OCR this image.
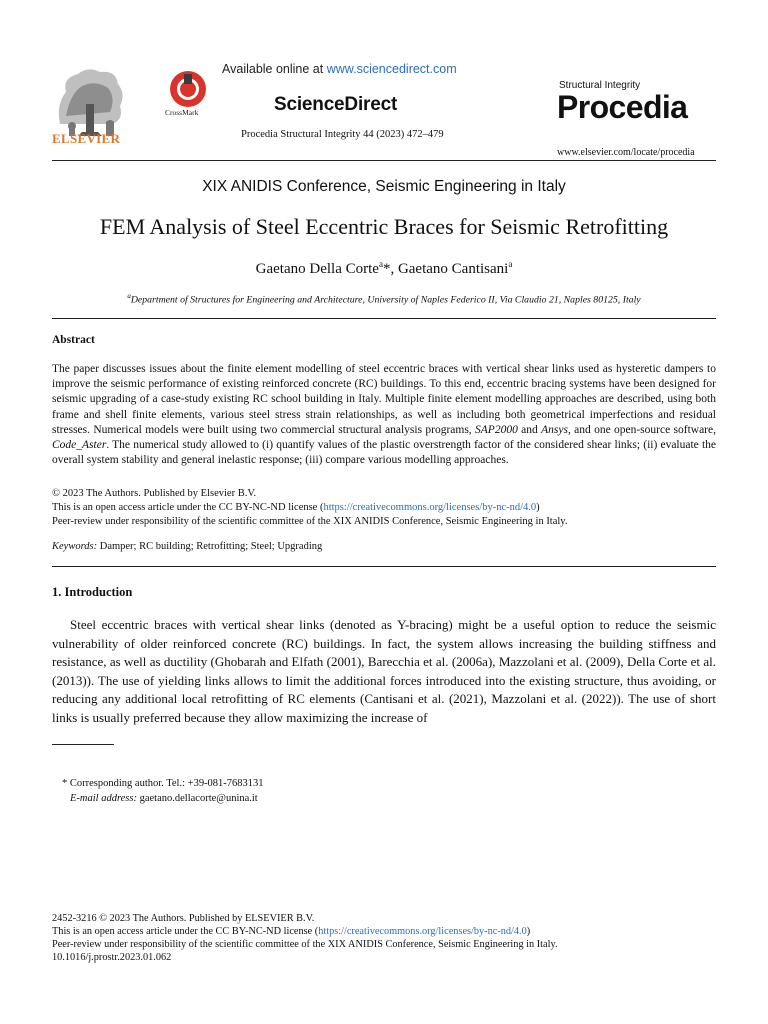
ELSEVIER
CrossMark
Available online at www.sciencedirect.com
ScienceDirect
Procedia Structural Integrity 44 (2023) 472–479
Structural Integrity
Procedia
www.elsevier.com/locate/procedia
XIX ANIDIS Conference, Seismic Engineering in Italy
FEM Analysis of Steel Eccentric Braces for Seismic Retrofitting
Gaetano Della Corte$^a$*, Gaetano Cantisani$^a$
$^a$Department of Structures for Engineering and Architecture, University of Naples Federico II, Via Claudio 21, Naples 80125, Italy
Abstract
The paper discusses issues about the finite element modelling of steel eccentric braces with vertical shear links used as hysteretic dampers to improve the seismic performance of existing reinforced concrete (RC) buildings. To this end, eccentric bracing systems have been designed for seismic upgrading of a case-study existing RC school building in Italy. Multiple finite element modelling approaches are described, using both frame and shell finite elements, various steel stress strain relationships, as well as including both geometrical imperfections and residual stresses. Numerical models were built using two commercial structural analysis programs, SAP2000 and Ansys, and one open-source software, Code_Aster. The numerical study allowed to (i) quantify values of the plastic overstrength factor of the considered shear links; (ii) evaluate the overall system stability and general inelastic response; (iii) compare various modelling approaches.
© 2023 The Authors. Published by Elsevier B.V.
This is an open access article under the CC BY-NC-ND license (https://creativecommons.org/licenses/by-nc-nd/4.0)
Peer-review under responsibility of the scientific committee of the XIX ANIDIS Conference, Seismic Engineering in Italy.
Keywords: Damper; RC building; Retrofitting; Steel; Upgrading
1. Introduction
Steel eccentric braces with vertical shear links (denoted as Y-bracing) might be a useful option to reduce the seismic vulnerability of older reinforced concrete (RC) buildings. In fact, the system allows increasing the building stiffness and resistance, as well as ductility (Ghobarah and Elfath (2001), Barecchia et al. (2006a), Mazzolani et al. (2009), Della Corte et al. (2013)). The use of yielding links allows to limit the additional forces introduced into the existing structure, thus avoiding, or reducing any additional local retrofitting of RC elements (Cantisani et al. (2021), Mazzolani et al. (2022)). The use of short links is usually preferred because they allow maximizing the increase of
* Corresponding author. Tel.: +39-081-7683131
E-mail address: gaetano.dellacorte@unina.it
2452-3216 © 2023 The Authors. Published by ELSEVIER B.V.
This is an open access article under the CC BY-NC-ND license (https://creativecommons.org/licenses/by-nc-nd/4.0)
Peer-review under responsibility of the scientific committee of the XIX ANIDIS Conference, Seismic Engineering in Italy.
10.1016/j.prostr.2023.01.062
